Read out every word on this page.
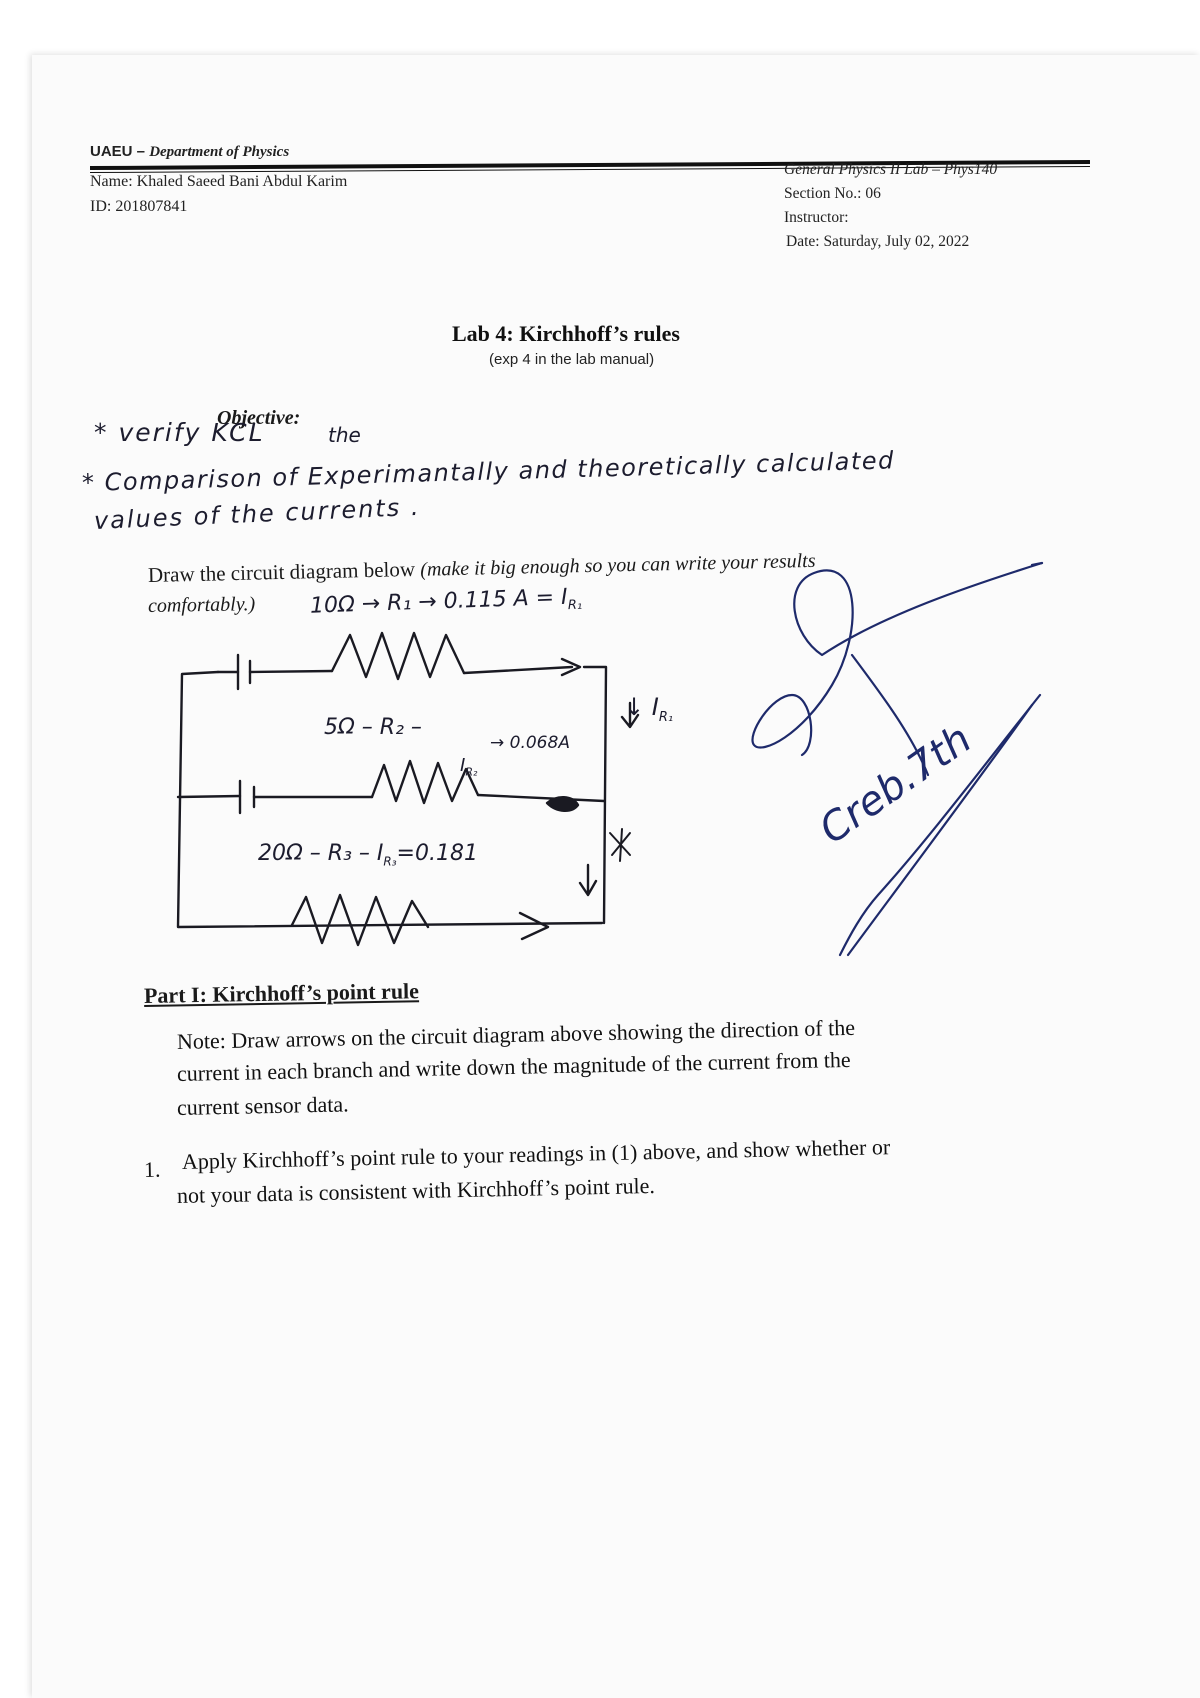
UAEU – Department of Physics
Name: Khaled Saeed Bani Abdul Karim
ID: 201807841
General Physics II Lab – Phys140
Section No.: 06
Instructor:
Date: Saturday, July 02, 2022
Lab 4: Kirchhoff’s rules
(exp 4 in the lab manual)
Objective:
* verify KCL	the
* Comparison of Experimantally and theoretically calculated
values of the currents .
Draw the circuit diagram below (make it big enough so you can write your results
comfortably.)
Creb.7th
10Ω → R₁ → 0.115 $A = I_{R_1}$
↓ $I_{R_1}$
5Ω – R₂ –
→ 0.068A
$I_{R_2}$
$20\Omega - R_3 - I_{R_3}=0.181$
Part I: Kirchhoff’s point rule
Note: Draw arrows on the circuit diagram above showing the direction of the
current in each branch and write down the magnitude of the current from the
current sensor data.
1. Apply Kirchhoff’s point rule to your readings in (1) above, and show whether or
not your data is consistent with Kirchhoff’s point rule.
